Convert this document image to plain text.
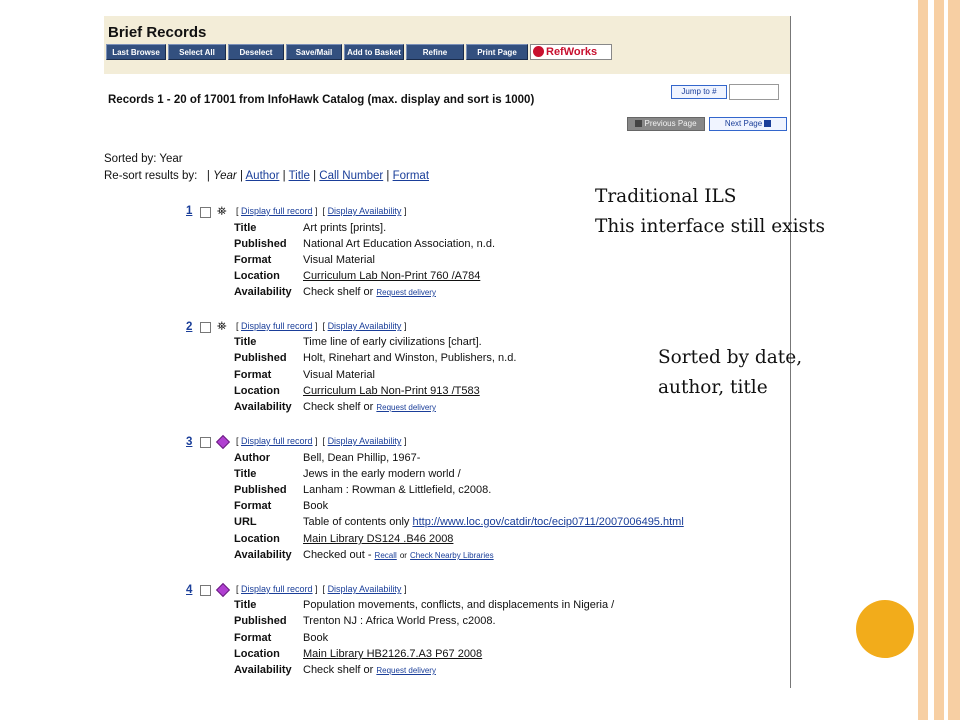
Brief Records
Last Browse	Select All	Deselect	Save/Mail	Add to Basket	Refine	Print Page	RefWorks
Records 1 - 20 of 17001 from InfoHawk Catalog (max. display and sort is 1000)
Jump to #
Previous Page	Next Page
Sorted by: Year
Re-sort results by:   | Year | Author | Title | Call Number | Format
1 ⛯ [ Display full record ]  [ Display Availability ]
Title	Art prints [prints].
Published National Art Education Association, n.d.
Format	Visual Material
Location Curriculum Lab Non-Print 760 /A784
Availability Check shelf or Request delivery
2 ⛯ [ Display full record ]  [ Display Availability ]
Title	Time line of early civilizations [chart].
Published Holt, Rinehart and Winston, Publishers, n.d.
Format	Visual Material
Location Curriculum Lab Non-Print 913 /T583
Availability Check shelf or Request delivery
3	[ Display full record ]  [ Display Availability ]
Author	Bell, Dean Phillip, 1967-
Title	Jews in the early modern world /
Published Lanham : Rowman & Littlefield, c2008.
Format	Book
URL	Table of contents only http://www.loc.gov/catdir/toc/ecip0711/2007006495.html
Location Main Library DS124 .B46 2008
Availability Checked out - Recall or Check Nearby Libraries
4	[ Display full record ]  [ Display Availability ]
Title	Population movements, conflicts, and displacements in Nigeria /
Published Trenton NJ : Africa World Press, c2008.
Format	Book
Location Main Library HB2126.7.A3 P67 2008
Availability Check shelf or Request delivery
Traditional ILS
This interface still exists
Sorted by date,
author, title
